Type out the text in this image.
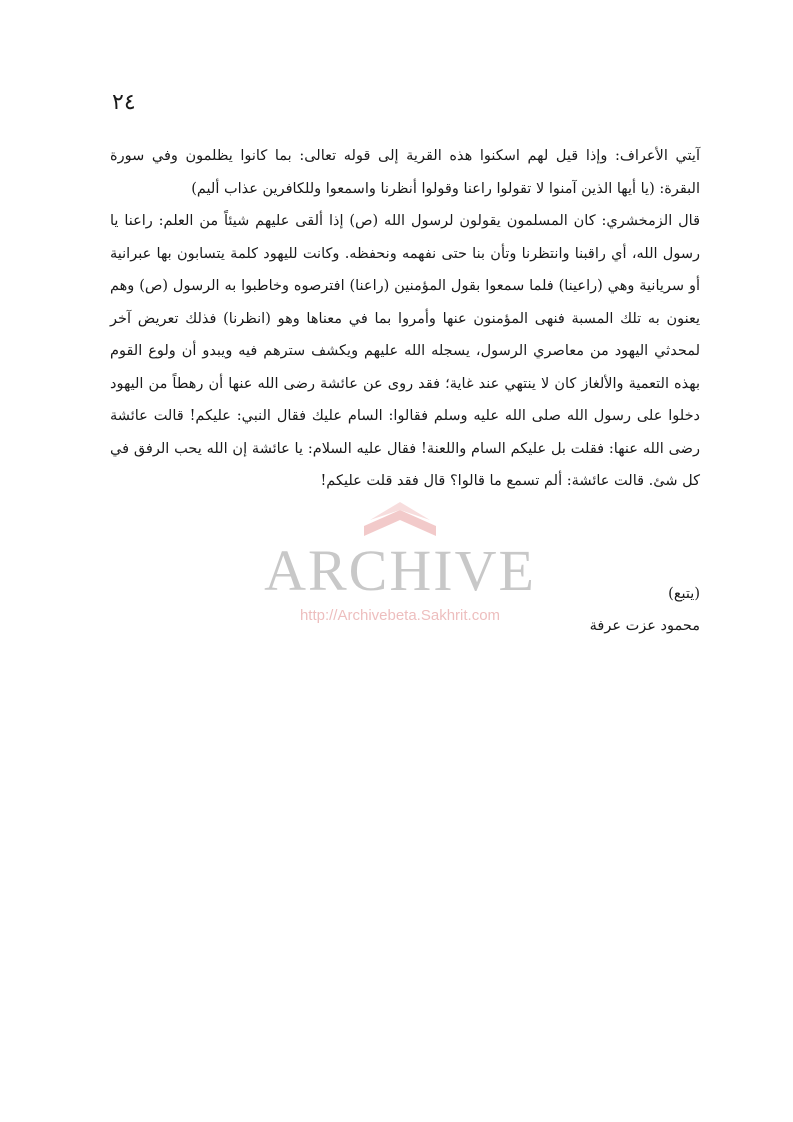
٢٤
ARCHIVE
http://Archivebeta.Sakhrit.com

آيتي الأعراف: وإذا قيل لهم اسكنوا هذه القرية إلى قوله تعالى: بما كانوا يظلمون وفي سورة البقرة: (يا أيها الذين آمنوا لا تقولوا راعنا وقولوا أنظرنا واسمعوا وللكافرين عذاب أليم)

قال الزمخشري: كان المسلمون يقولون لرسول الله (ص) إذا ألقى عليهم شيئاً من العلم: راعنا يا رسول الله، أي راقبنا وانتظرنا وتأن بنا حتى نفهمه ونحفظه. وكانت لليهود كلمة يتسابون بها عبرانية أو سريانية وهي (راعينا) فلما سمعوا بقول المؤمنين (راعنا) افترصوه وخاطبوا به الرسول (ص) وهم يعنون به تلك المسبة فنهى المؤمنون عنها وأمروا بما في معناها وهو (انظرنا) فذلك تعريض آخر لمحدثي اليهود من معاصري الرسول، يسجله الله عليهم ويكشف سترهم فيه ويبدو أن ولوع القوم بهذه التعمية والألغاز كان لا ينتهي عند غاية؛ فقد روى عن عائشة رضى الله عنها أن رهطاً من اليهود دخلوا على رسول الله صلى الله عليه وسلم فقالوا: السام عليك فقال النبي: عليكم! قالت عائشة رضى الله عنها: فقلت بل عليكم السام واللعنة! فقال عليه السلام: يا عائشة إن الله يحب الرفق في كل شئ. قالت عائشة: ألم تسمع ما قالوا؟ قال فقد قلت عليكم!

(يتبع)
محمود عزت عرفة
